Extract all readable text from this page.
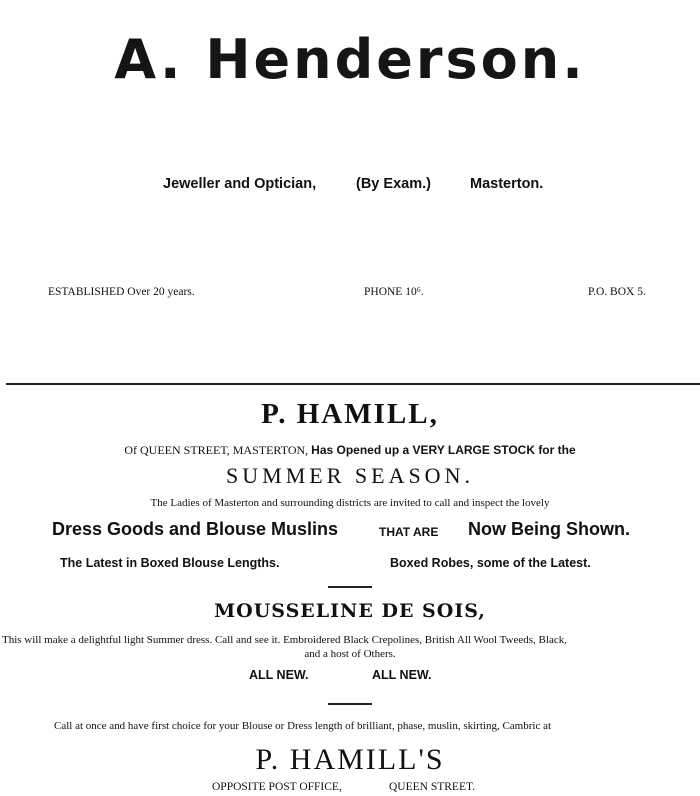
A. Henderson.
Jeweller and Optician,	(By Exam.)	Masterton.
ESTABLISHED Over 20 years.	PHONE 10⁶.	P.O. BOX 5.
P. HAMILL,
Of QUEEN STREET, MASTERTON, Has Opened up a VERY LARGE STOCK for the
SUMMER SEASON.
The Ladies of Masterton and surrounding districts are invited to call and inspect the lovely
Dress Goods and Blouse Muslins	THAT ARE Now Being Shown.
The Latest in Boxed Blouse Lengths.	Boxed Robes, some of the Latest.
MOUSSELINE DE SOIS,
This will make a delightful light Summer dress. Call and see it. Embroidered Black Crepolines, British All Wool Tweeds, Black,
and a host of Others.
ALL NEW.	ALL NEW.
Call at once and have first choice for your Blouse or Dress length of brilliant, phase, muslin, skirting, Cambric at
P. HAMILL'S
OPPOSITE POST OFFICE,	QUEEN STREET.
